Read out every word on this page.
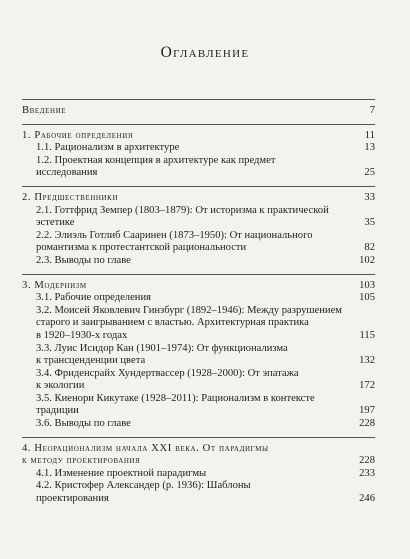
Оглавление
Введение	7
1. Рабочие определения	11
1.1. Рационализм в архитектуре	13
1.2. Проектная концепция в архитектуре как предмет
исследования	25
2. Предшественники	33
2.1. Готтфрид Земпер (1803–1879): От историзма к практической
эстетике	35
2.2. Элиэль Готлиб Сааринен (1873–1950): От национального
романтизма к протестантской рациональности	82
2.3. Выводы по главе	102
3. Модернизм	103
3.1. Рабочие определения	105
3.2. Моисей Яковлевич Гинзбург (1892–1946): Между разрушением
старого и заигрыванием с властью. Архитектурная практика
в 1920–1930-х годах	115
3.3. Луис Исидор Кан (1901–1974): От функционализма
к трансценденции цвета	132
3.4. Фриденсрайх Хундертвассер (1928–2000): От эпатажа
к экологии	172
3.5. Киенори Кикутаке (1928–2011): Рационализм в контексте
традиции	197
3.6. Выводы по главе	228
4. Неорационализм начала XXI века. От парадигмы
к методу проектирования	228
4.1. Изменение проектной парадигмы	233
4.2. Кристофер Александер (р. 1936): Шаблоны
проектирования	246
